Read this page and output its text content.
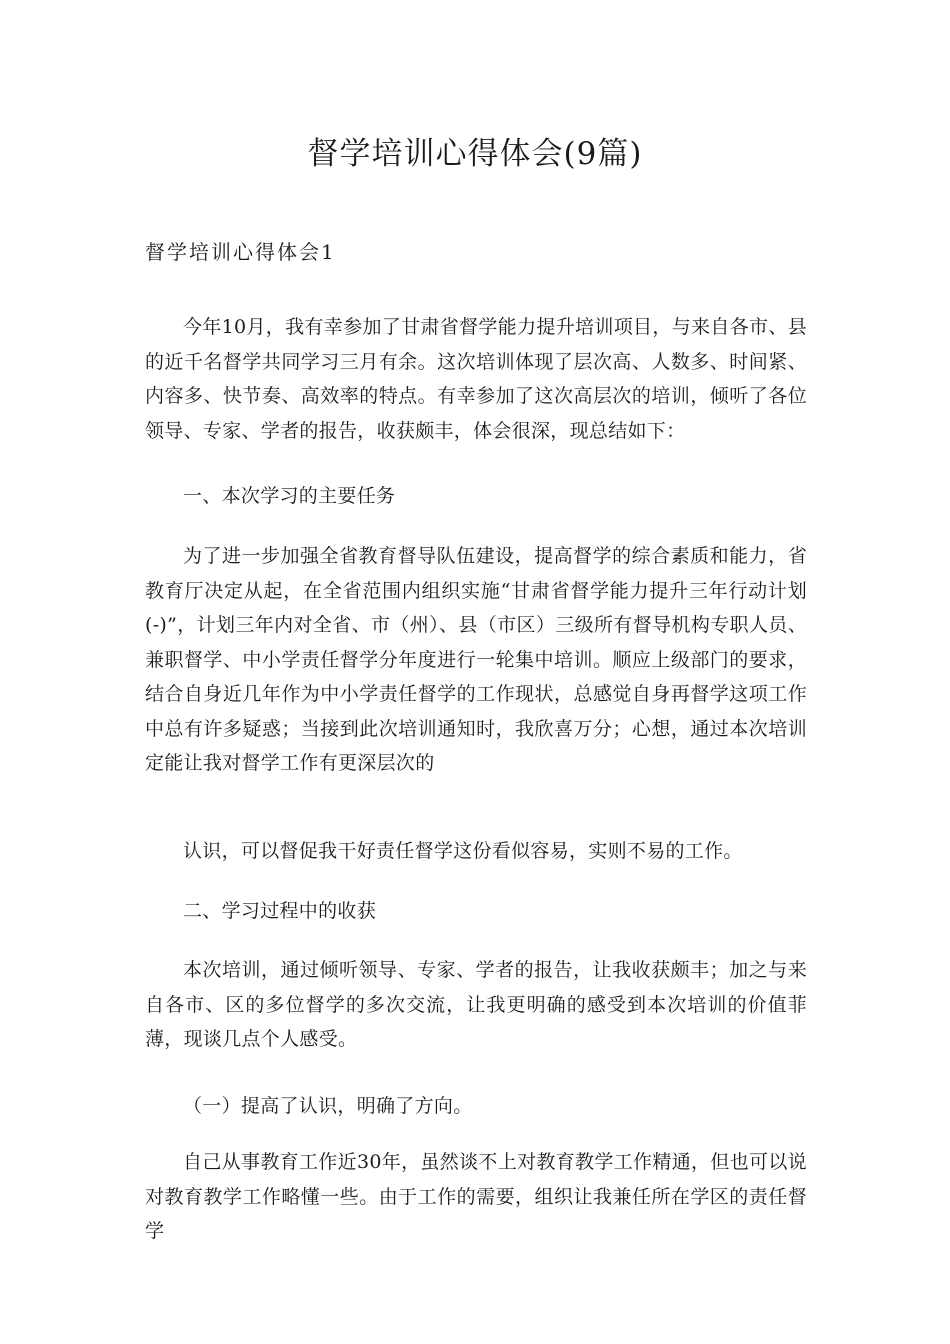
督学培训心得体会(9篇)
督学培训心得体会1

今年10月，我有幸参加了甘肃省督学能力提升培训项目，与来自各市、县的近千名督学共同学习三月有余。这次培训体现了层次高、人数多、时间紧、内容多、快节奏、高效率的特点。有幸参加了这次高层次的培训，倾听了各位领导、专家、学者的报告，收获颇丰，体会很深，现总结如下：

一、本次学习的主要任务

为了进一步加强全省教育督导队伍建设，提高督学的综合素质和能力，省教育厅决定从起，在全省范围内组织实施“甘肃省督学能力提升三年行动计划(-)”，计划三年内对全省、市（州）、县（市区）三级所有督导机构专职人员、兼职督学、中小学责任督学分年度进行一轮集中培训。顺应上级部门的要求，结合自身近几年作为中小学责任督学的工作现状，总感觉自身再督学这项工作中总有许多疑惑；当接到此次培训通知时，我欣喜万分；心想，通过本次培训定能让我对督学工作有更深层次的

认识，可以督促我干好责任督学这份看似容易，实则不易的工作。

二、学习过程中的收获

本次培训，通过倾听领导、专家、学者的报告，让我收获颇丰；加之与来自各市、区的多位督学的多次交流，让我更明确的感受到本次培训的价值菲薄，现谈几点个人感受。

（一）提高了认识，明确了方向。

自己从事教育工作近30年，虽然谈不上对教育教学工作精通，但也可以说对教育教学工作略懂一些。由于工作的需要，组织让我兼任所在学区的责任督学
